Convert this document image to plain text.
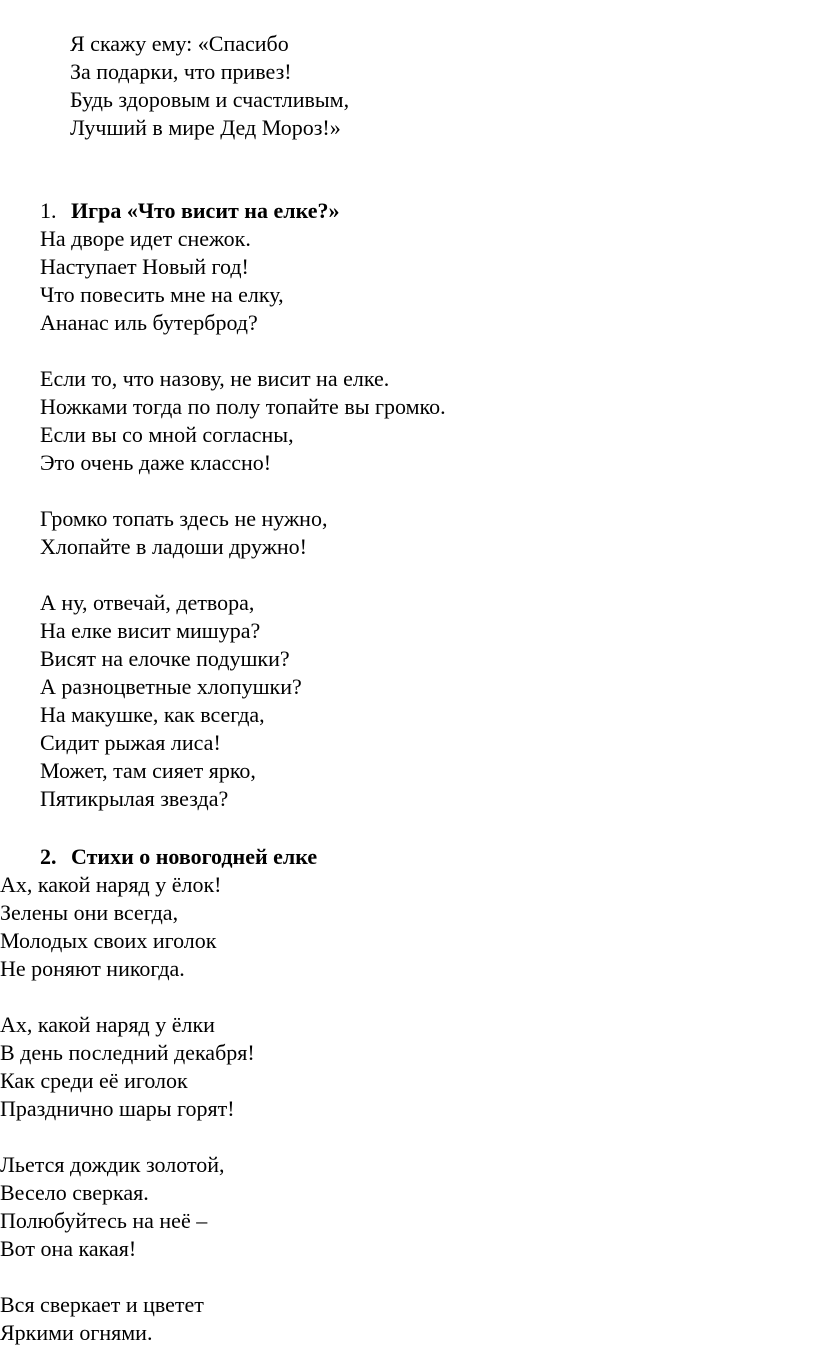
Я скажу ему: «Спасибо
За подарки, что привез!
Будь здоровым и счастливым,
Лучший в мире Дед Мороз!»
1. Игра «Что висит на елке?»
На дворе идет снежок.
Наступает Новый год!
Что повесить мне на елку,
Ананас иль бутерброд?
Если то, что назову, не висит на елке.
Ножками тогда по полу топайте вы громко.
Если вы со мной согласны,
Это очень даже классно!
Громко топать здесь не нужно,
Хлопайте в ладоши дружно!
А ну, отвечай, детвора,
На елке висит мишура?
Висят на елочке подушки?
А разноцветные хлопушки?
На макушке, как всегда,
Сидит рыжая лиса!
Может, там сияет ярко,
Пятикрылая звезда?
2. Стихи о новогодней елке
Ах, какой наряд у ёлок!
Зелены они всегда,
Молодых своих иголок
Не роняют никогда.
Ах, какой наряд у ёлки
В день последний декабря!
Как среди её иголок
Празднично шары горят!
Льется дождик золотой,
Весело сверкая.
Полюбуйтесь на неё –
Вот она какая!
Вся сверкает и цветет
Яркими огнями.
